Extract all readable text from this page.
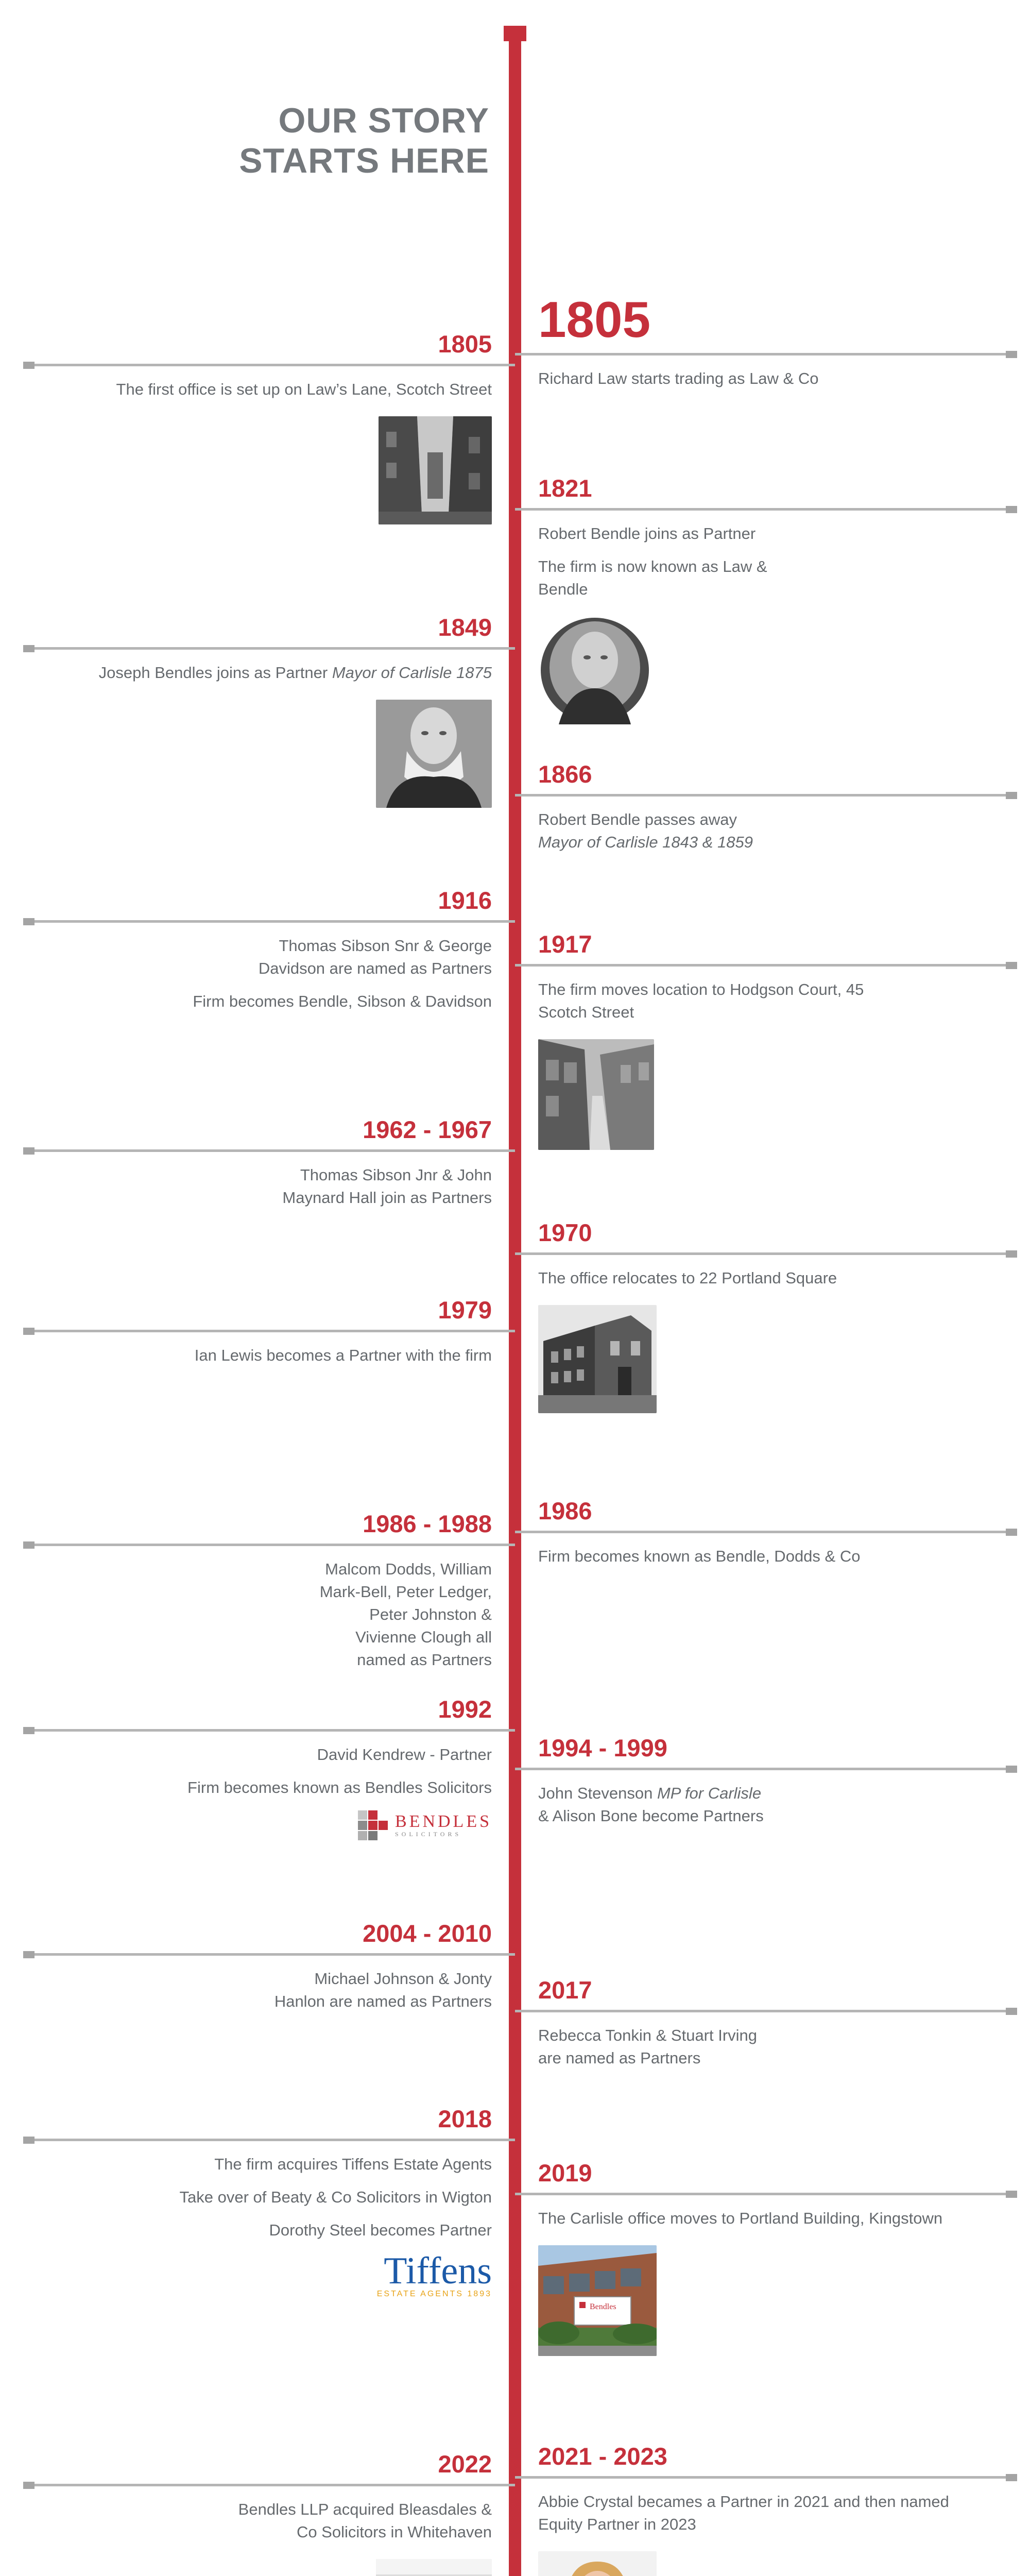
OUR STORY
STARTS HERE
1805
The first office is set up on Law’s Lane, Scotch Street
1849
Joseph Bendles joins as Partner Mayor of Carlisle 1875
1916
Thomas Sibson Snr & George Davidson are named as Partners
Firm becomes Bendle, Sibson & Davidson
1962 - 1967
Thomas Sibson Jnr & John Maynard Hall join as Partners
1979
Ian Lewis becomes a Partner with the firm
1986 - 1988
Malcom Dodds, William Mark-Bell, Peter Ledger, Peter Johnston & Vivienne Clough all named as Partners
1992
David Kendrew - Partner
Firm becomes known as Bendles Solicitors
BENDLES
SOLICITORS
2004 - 2010
Michael Johnson & Jonty Hanlon are named as Partners
2018
The firm acquires Tiffens Estate Agents
Take over of Beaty & Co Solicitors in Wigton
Dorothy Steel becomes Partner
Tiffens
ESTATE AGENTS 1893
2022
Bendles LLP acquired Bleasdales & Co Solicitors in Whitehaven
1805
Richard Law starts trading as Law & Co
1821
Robert Bendle joins as Partner
The firm is now known as Law & Bendle
1866
Robert Bendle passes away
Mayor of Carlisle 1843 & 1859
1917
The firm moves location to Hodgson Court, 45 Scotch Street
1970
The office relocates to 22 Portland Square
1986
Firm becomes known as Bendle, Dodds & Co
1994 - 1999
John Stevenson MP for Carlisle
& Alison Bone become Partners
2017
Rebecca Tonkin & Stuart Irving are named as Partners
2019
The Carlisle office moves to Portland Building, Kingstown
Bendles
2021 - 2023
Abbie Crystal becames a Partner in 2021 and then named Equity Partner in 2023
